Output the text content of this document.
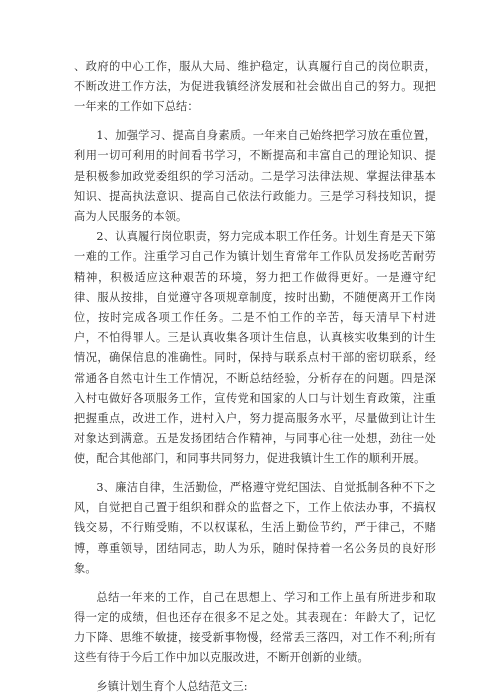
、政府的中心工作，服从大局、维护稳定，认真履行自己的岗位职责，不断改进工作方法，为促进我镇经济发展和社会做出自己的努力。现把一年来的工作如下总结：

1、加强学习、提高自身素质。一年来自己始终把学习放在重位置，利用一切可利用的时间看书学习，不断提高和丰富自己的理论知识、提是积极参加政党委组织的学习活动。二是学习法律法规、掌握法律基本知识、提高执法意识、提高自己依法行政能力。三是学习科技知识，提高为人民服务的本领。

2、认真履行岗位职责，努力完成本职工作任务。计划生育是天下第一难的工作。注重学习自己作为镇计划生育常年工作队员发扬吃苦耐劳精神，积极适应这种艰苦的环境，努力把工作做得更好。一是遵守纪律、服从按排，自觉遵守各项规章制度，按时出勤，不随便离开工作岗位，按时完成各项工作任务。二是不怕工作的辛苦，每天清早下村进户，不怕得罪人。三是认真收集各项计生信息，认真核实收集到的计生情况，确保信息的准确性。同时，保持与联系点村干部的密切联系，经常通各自然屯计生工作情况，不断总结经验，分析存在的问题。四是深入村屯做好各项服务工作，宣传党和国家的人口与计划生育政策，注重把握重点，改进工作，进村入户，努力提高服务水平，尽量做到让计生对象达到满意。五是发扬团结合作精神，与同事心往一处想，劲往一处使，配合其他部门，和同事共同努力，促进我镇计生工作的顺利开展。

3、廉洁自律，生活勤俭，严格遵守党纪国法、自觉抵制各种不下之风，自觉把自己置于组织和群众的监督之下，工作上依法办事，不搞权钱交易，不行贿受贿，不以权谋私，生活上勤俭节约，严于律己，不赌博，尊重领导，团结同志，助人为乐，随时保持着一名公务员的良好形象。

总结一年来的工作，自己在思想上、学习和工作上虽有所进步和取得一定的成绩，但也还存在很多不足之处。其表现在：年龄大了，记忆力下降、思维不敏捷，接受新事物慢，经常丢三落四，对工作不利;所有这些有待于今后工作中加以克服改进，不断开创新的业绩。

乡镇计划生育个人总结范文三:
